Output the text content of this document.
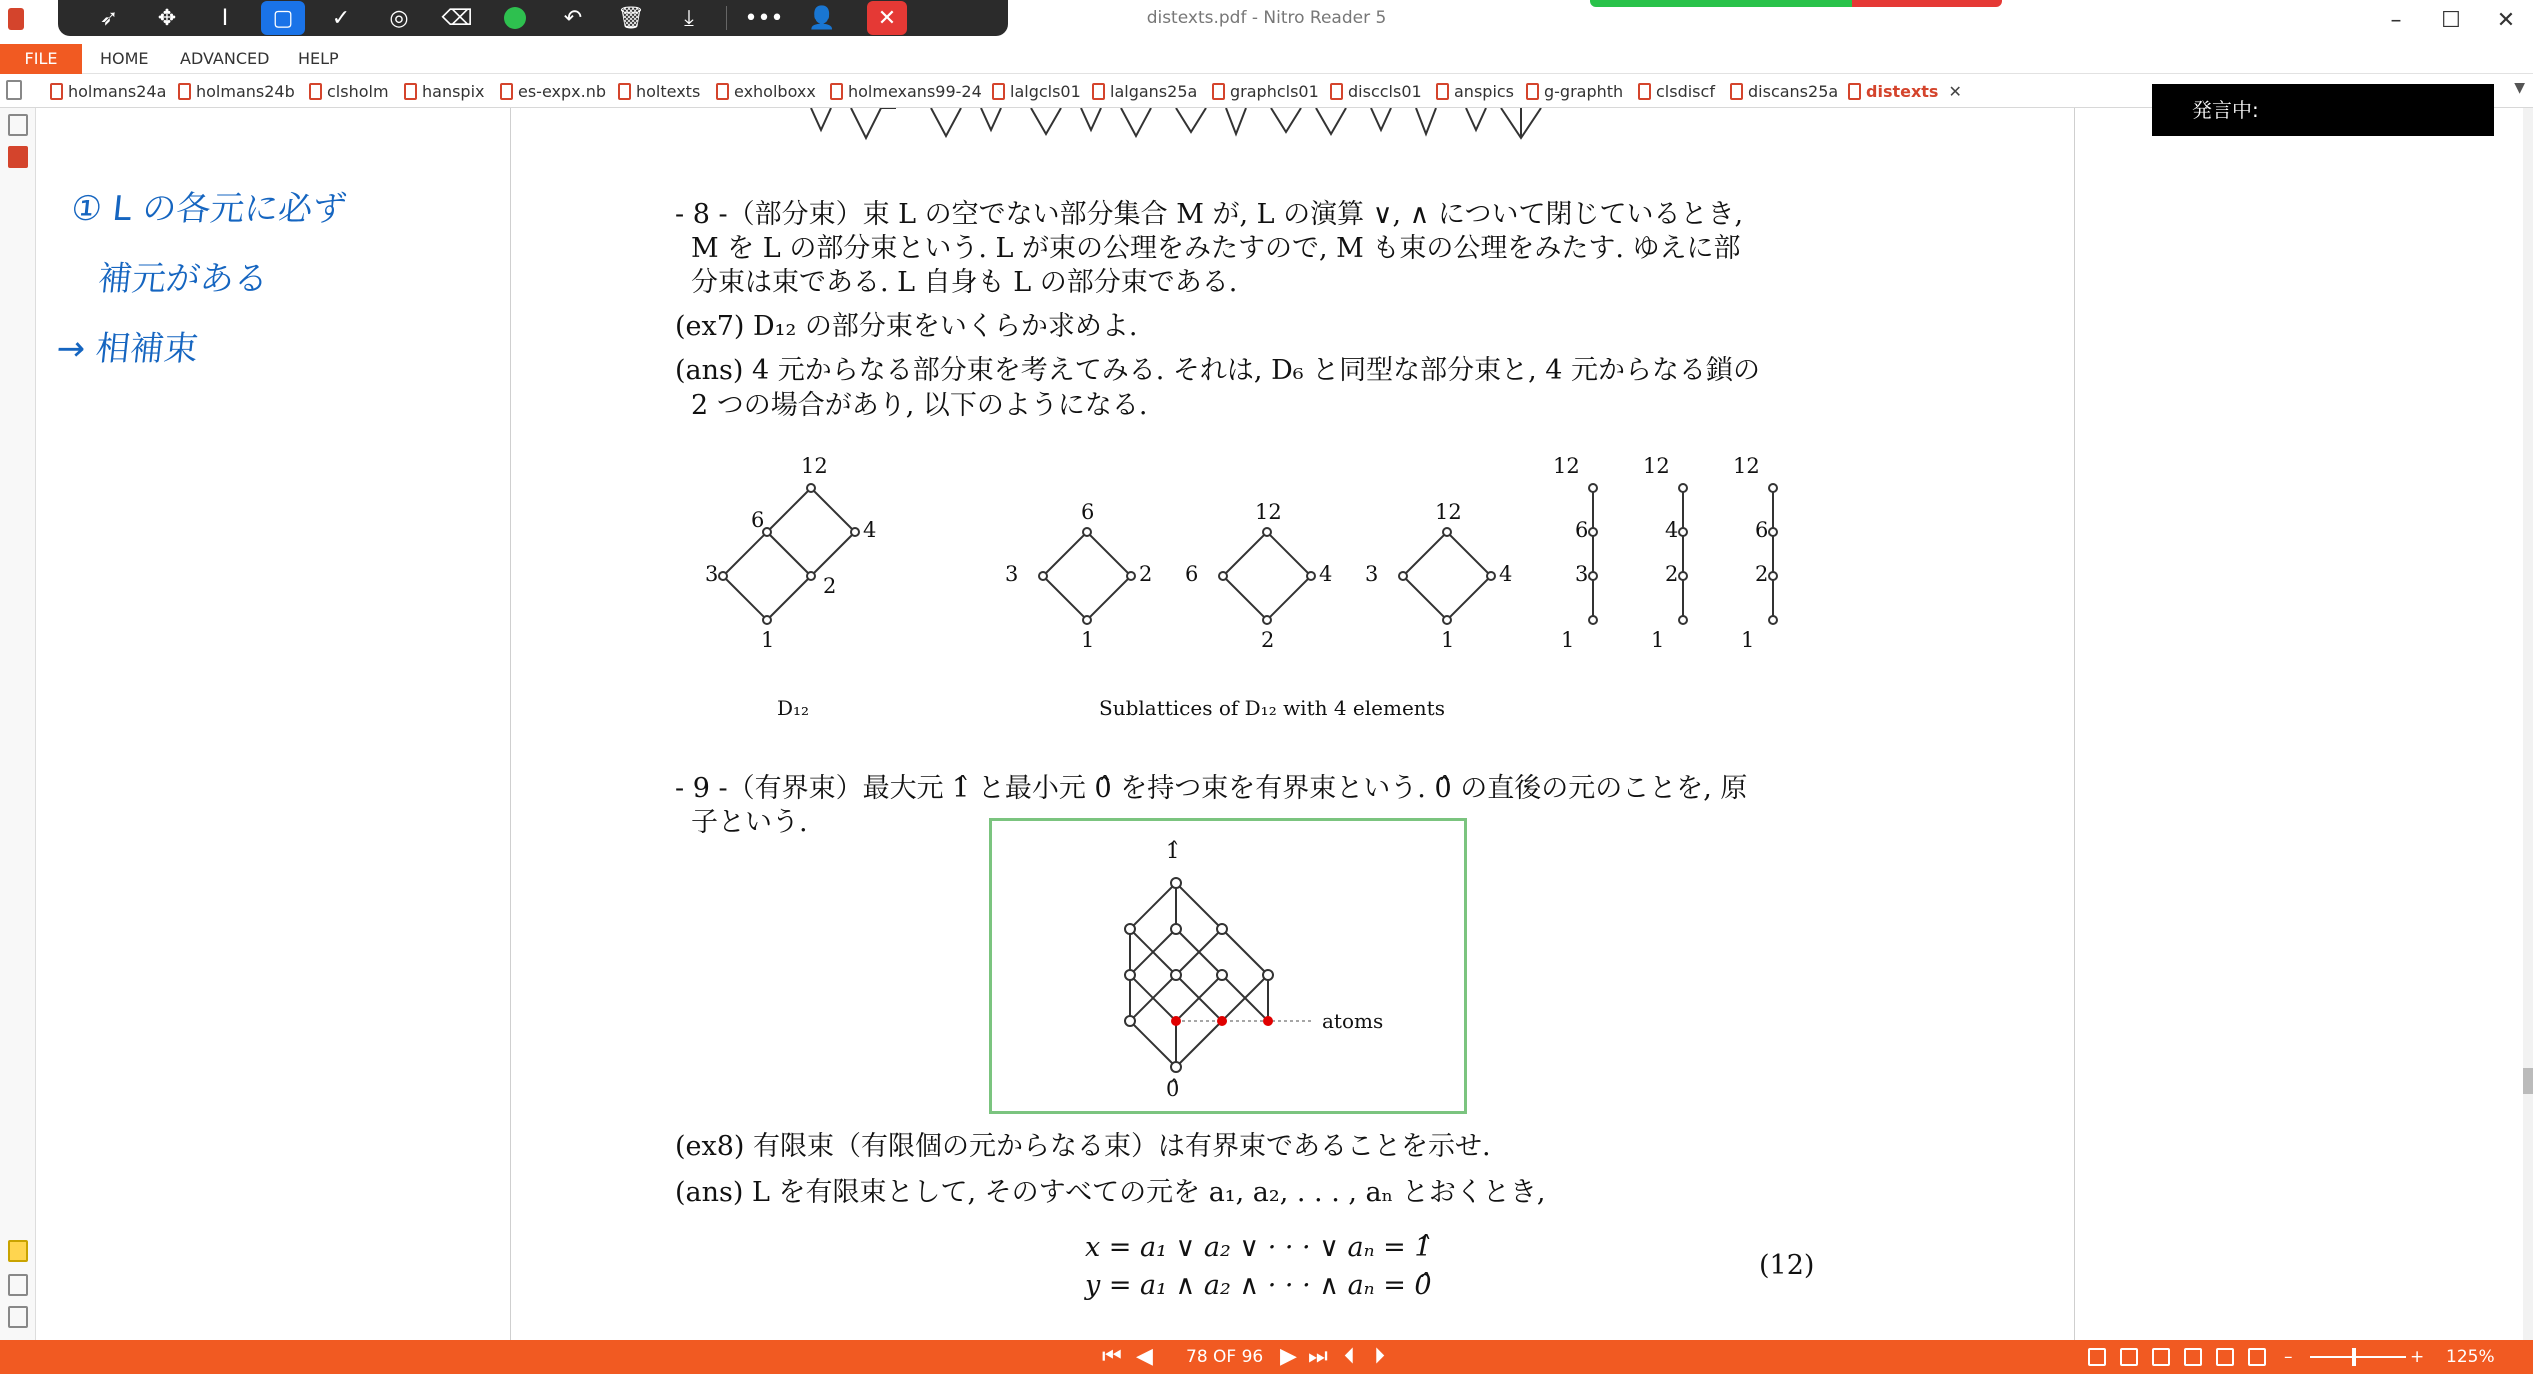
distexts.pdf - Nitro Reader 5	–	☐	✕
➶	✥	I	▢	✓	◎	⌫	↶	🗑	⤓	•••	👤	✕
FILE	HOME ADVANCED HELP
holmans24a	holmans24b	clsholm	hanspix	es-expx.nb	holtexts	exholboxx	holmexans99-24	lalgcls01	lalgans25a	graphcls01	disccls01	anspics	g-graphth	clsdiscf	discans25a	distexts ✕	▼
① L の各元に必ず
補元がある
→ 相補束
- 8 -（部分束）束 L の空でない部分集合 M が, L の演算 ∨, ∧ について閉じているとき,
M を L の部分束という. L が束の公理をみたすので, M も束の公理をみたす. ゆえに部
分束は束である. L 自身も L の部分束である.
(ex7) D₁₂ の部分束をいくらか求めよ.
(ans) 4 元からなる部分束を考えてみる. それは, D₆ と同型な部分束と, 4 元からなる鎖の
2 つの場合があり, 以下のようになる.
12
6	4
3	2
1
6
3	2
1
12
6	4
2
12
3	4
1
12
6
3
1
12
4
2
1
12
6
2
1
D₁₂	Sublattices of D₁₂ with 4 elements
- 9 -（有界束）最大元 1̂ と最小元 0̂ を持つ束を有界束という. 0̂ の直後の元のことを, 原
子という.
1̂
0̂
atoms
(ex8) 有限束（有限個の元からなる束）は有界束であることを示せ.
(ans) L を有限束として, そのすべての元を a₁, a₂, . . . , aₙ とおくとき,
x = a₁ ∨ a₂ ∨ · · · ∨ aₙ = 1̂
y = a₁ ∧ a₂ ∧ · · · ∧ aₙ = 0̂
(12)
発言中:
⏮ ◀ 78 OF 96 ▶ ⏭ ⏴ ⏵	–	+ 125%
